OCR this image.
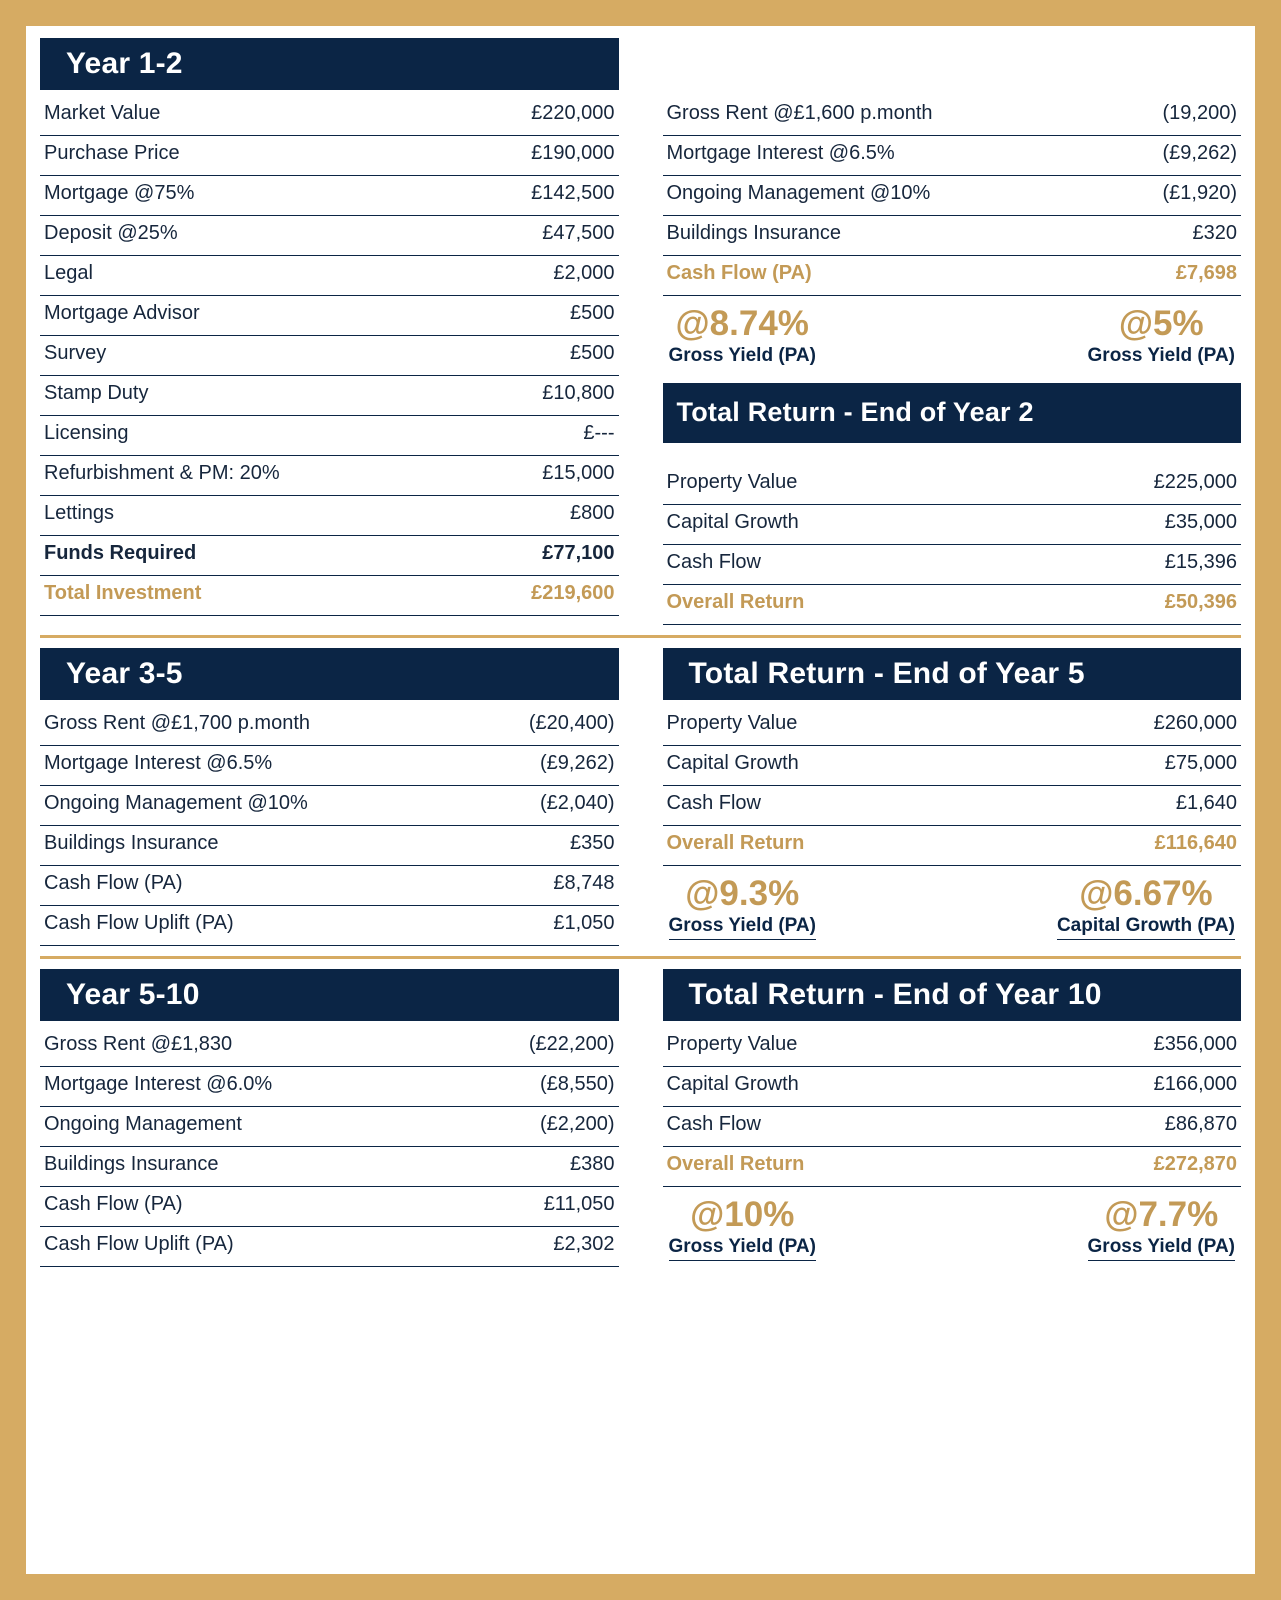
Year 1-2
Market Value	£220,000
Purchase Price	£190,000
Mortgage @75%	£142,500
Deposit @25%	£47,500
Legal	£2,000
Mortgage Advisor	£500
Survey	£500
Stamp Duty	£10,800
Licensing	£---
Refurbishment & PM: 20%	£15,000
Lettings	£800
Funds Required	£77,100
Total Investment	£219,600
Gross Rent @£1,600 p.month	(19,200)
Mortgage Interest @6.5%	(£9,262)
Ongoing Management @10%	(£1,920)
Buildings Insurance	£320
Cash Flow (PA)	£7,698
@8.74%
Gross Yield (PA)
@5%
Gross Yield (PA)
Total Return - End of Year 2
Property Value	£225,000
Capital Growth	£35,000
Cash Flow	£15,396
Overall Return	£50,396
Year 3-5
Gross Rent @£1,700 p.month	(£20,400)
Mortgage Interest @6.5%	(£9,262)
Ongoing Management @10%	(£2,040)
Buildings Insurance	£350
Cash Flow (PA)	£8,748
Cash Flow Uplift (PA)	£1,050
Total Return - End of Year 5
Property Value	£260,000
Capital Growth	£75,000
Cash Flow	£1,640
Overall Return	£116,640
@9.3%
Gross Yield (PA)
@6.67%
Capital Growth (PA)
Year 5-10
Gross Rent @£1,830	(£22,200)
Mortgage Interest @6.0%	(£8,550)
Ongoing Management	(£2,200)
Buildings Insurance	£380
Cash Flow (PA)	£11,050
Cash Flow Uplift (PA)	£2,302
Total Return - End of Year 10
Property Value	£356,000
Capital Growth	£166,000
Cash Flow	£86,870
Overall Return	£272,870
@10%
Gross Yield (PA)
@7.7%
Gross Yield (PA)
